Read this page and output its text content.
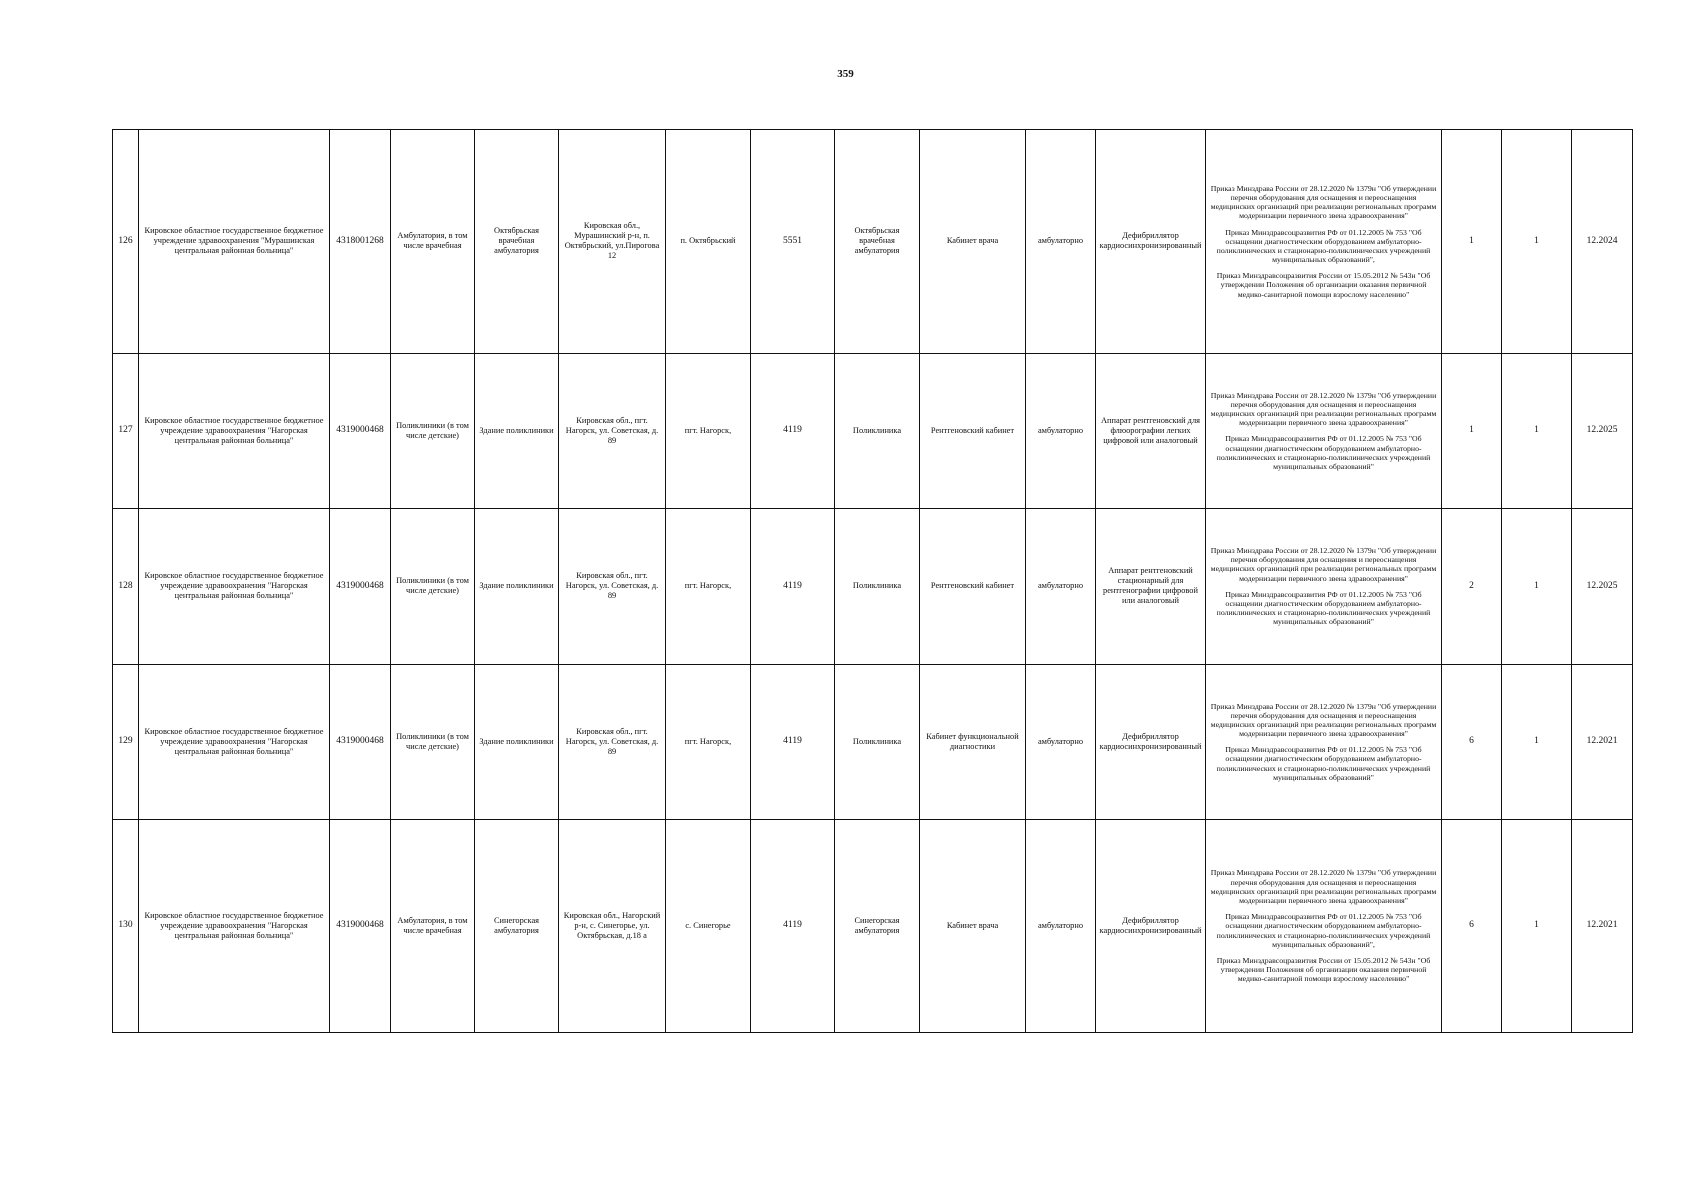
359
126	Кировское областное государственное бюджетное учреждение здравоохранения "Мурашинская центральная районная больница"	4318001268	Амбулатория, в том числе врачебная	Октябрьская врачебная амбулатория	Кировская обл., Мурашинский р-н, п. Октябрьский, ул.Пирогова 12	п. Октябрьский	5551	Октябрьская врачебная амбулатория	Кабинет врача	амбулаторно	Дефибриллятор кардиосинхронизированный	Приказ Минздрава России от 28.12.2020 № 1379н "Об утверждении перечня оборудования для оснащения и переоснащения медицинских организаций при реализации региональных программ модернизации первичного звена здравоохранения"

Приказ Минздравсоцразвития РФ от 01.12.2005 № 753 "Об оснащении диагностическим оборудованием амбулаторно-поликлинических и стационарно-поликлинических учреждений муниципальных образований",

Приказ Минздравсоцразвития России от 15.05.2012 № 543н "Об утверждении Положения об организации оказания первичной медико-санитарной помощи взрослому населению"	1	1	12.2024
127	Кировское областное государственное бюджетное учреждение здравоохранения "Нагорская центральная районная больница"	4319000468	Поликлиники (в том числе детские)	Здание поликлиники	Кировская обл., пгт. Нагорск, ул. Советская, д. 89	пгт. Нагорск,	4119	Поликлиника	Рентгеновский кабинет	амбулаторно	Аппарат рентгеновский для флюорографии легких цифровой или аналоговый	Приказ Минздрава России от 28.12.2020 № 1379н "Об утверждении перечня оборудования для оснащения и переоснащения медицинских организаций при реализации региональных программ модернизации первичного звена здравоохранения"

Приказ Минздравсоцразвития РФ от 01.12.2005 № 753 "Об оснащении диагностическим оборудованием амбулаторно-поликлинических и стационарно-поликлинических учреждений муниципальных образований"	1	1	12.2025
128	Кировское областное государственное бюджетное учреждение здравоохранения "Нагорская центральная районная больница"	4319000468	Поликлиники (в том числе детские)	Здание поликлиники	Кировская обл., пгт. Нагорск, ул. Советская, д. 89	пгт. Нагорск,	4119	Поликлиника	Рентгеновский кабинет	амбулаторно	Аппарат рентгеновский стационарный для рентгенографии цифровой или аналоговый	Приказ Минздрава России от 28.12.2020 № 1379н "Об утверждении перечня оборудования для оснащения и переоснащения медицинских организаций при реализации региональных программ модернизации первичного звена здравоохранения"

Приказ Минздравсоцразвития РФ от 01.12.2005 № 753 "Об оснащении диагностическим оборудованием амбулаторно-поликлинических и стационарно-поликлинических учреждений муниципальных образований"	2	1	12.2025
129	Кировское областное государственное бюджетное учреждение здравоохранения "Нагорская центральная районная больница"	4319000468	Поликлиники (в том числе детские)	Здание поликлиники	Кировская обл., пгт. Нагорск, ул. Советская, д. 89	пгт. Нагорск,	4119	Поликлиника	Кабинет функциональной диагностики	амбулаторно	Дефибриллятор кардиосинхронизированный	Приказ Минздрава России от 28.12.2020 № 1379н "Об утверждении перечня оборудования для оснащения и переоснащения медицинских организаций при реализации региональных программ модернизации первичного звена здравоохранения"

Приказ Минздравсоцразвития РФ от 01.12.2005 № 753 "Об оснащении диагностическим оборудованием амбулаторно-поликлинических и стационарно-поликлинических учреждений муниципальных образований"	6	1	12.2021
130	Кировское областное государственное бюджетное учреждение здравоохранения "Нагорская центральная районная больница"	4319000468	Амбулатория, в том числе врачебная	Синегорская амбулатория	Кировская обл., Нагорский р-н, с. Синегорье, ул. Октябрьская, д.18 а	с. Синегорье	4119	Синегорская амбулатория	Кабинет врача	амбулаторно	Дефибриллятор кардиосинхронизированный	Приказ Минздрава России от 28.12.2020 № 1379н "Об утверждении перечня оборудования для оснащения и переоснащения медицинских организаций при реализации региональных программ модернизации первичного звена здравоохранения"

Приказ Минздравсоцразвития РФ от 01.12.2005 № 753 "Об оснащении диагностическим оборудованием амбулаторно-поликлинических и стационарно-поликлинических учреждений муниципальных образований",

Приказ Минздравсоцразвития России от 15.05.2012 № 543н "Об утверждении Положения об организации оказания первичной медико-санитарной помощи взрослому населению"	6	1	12.2021
